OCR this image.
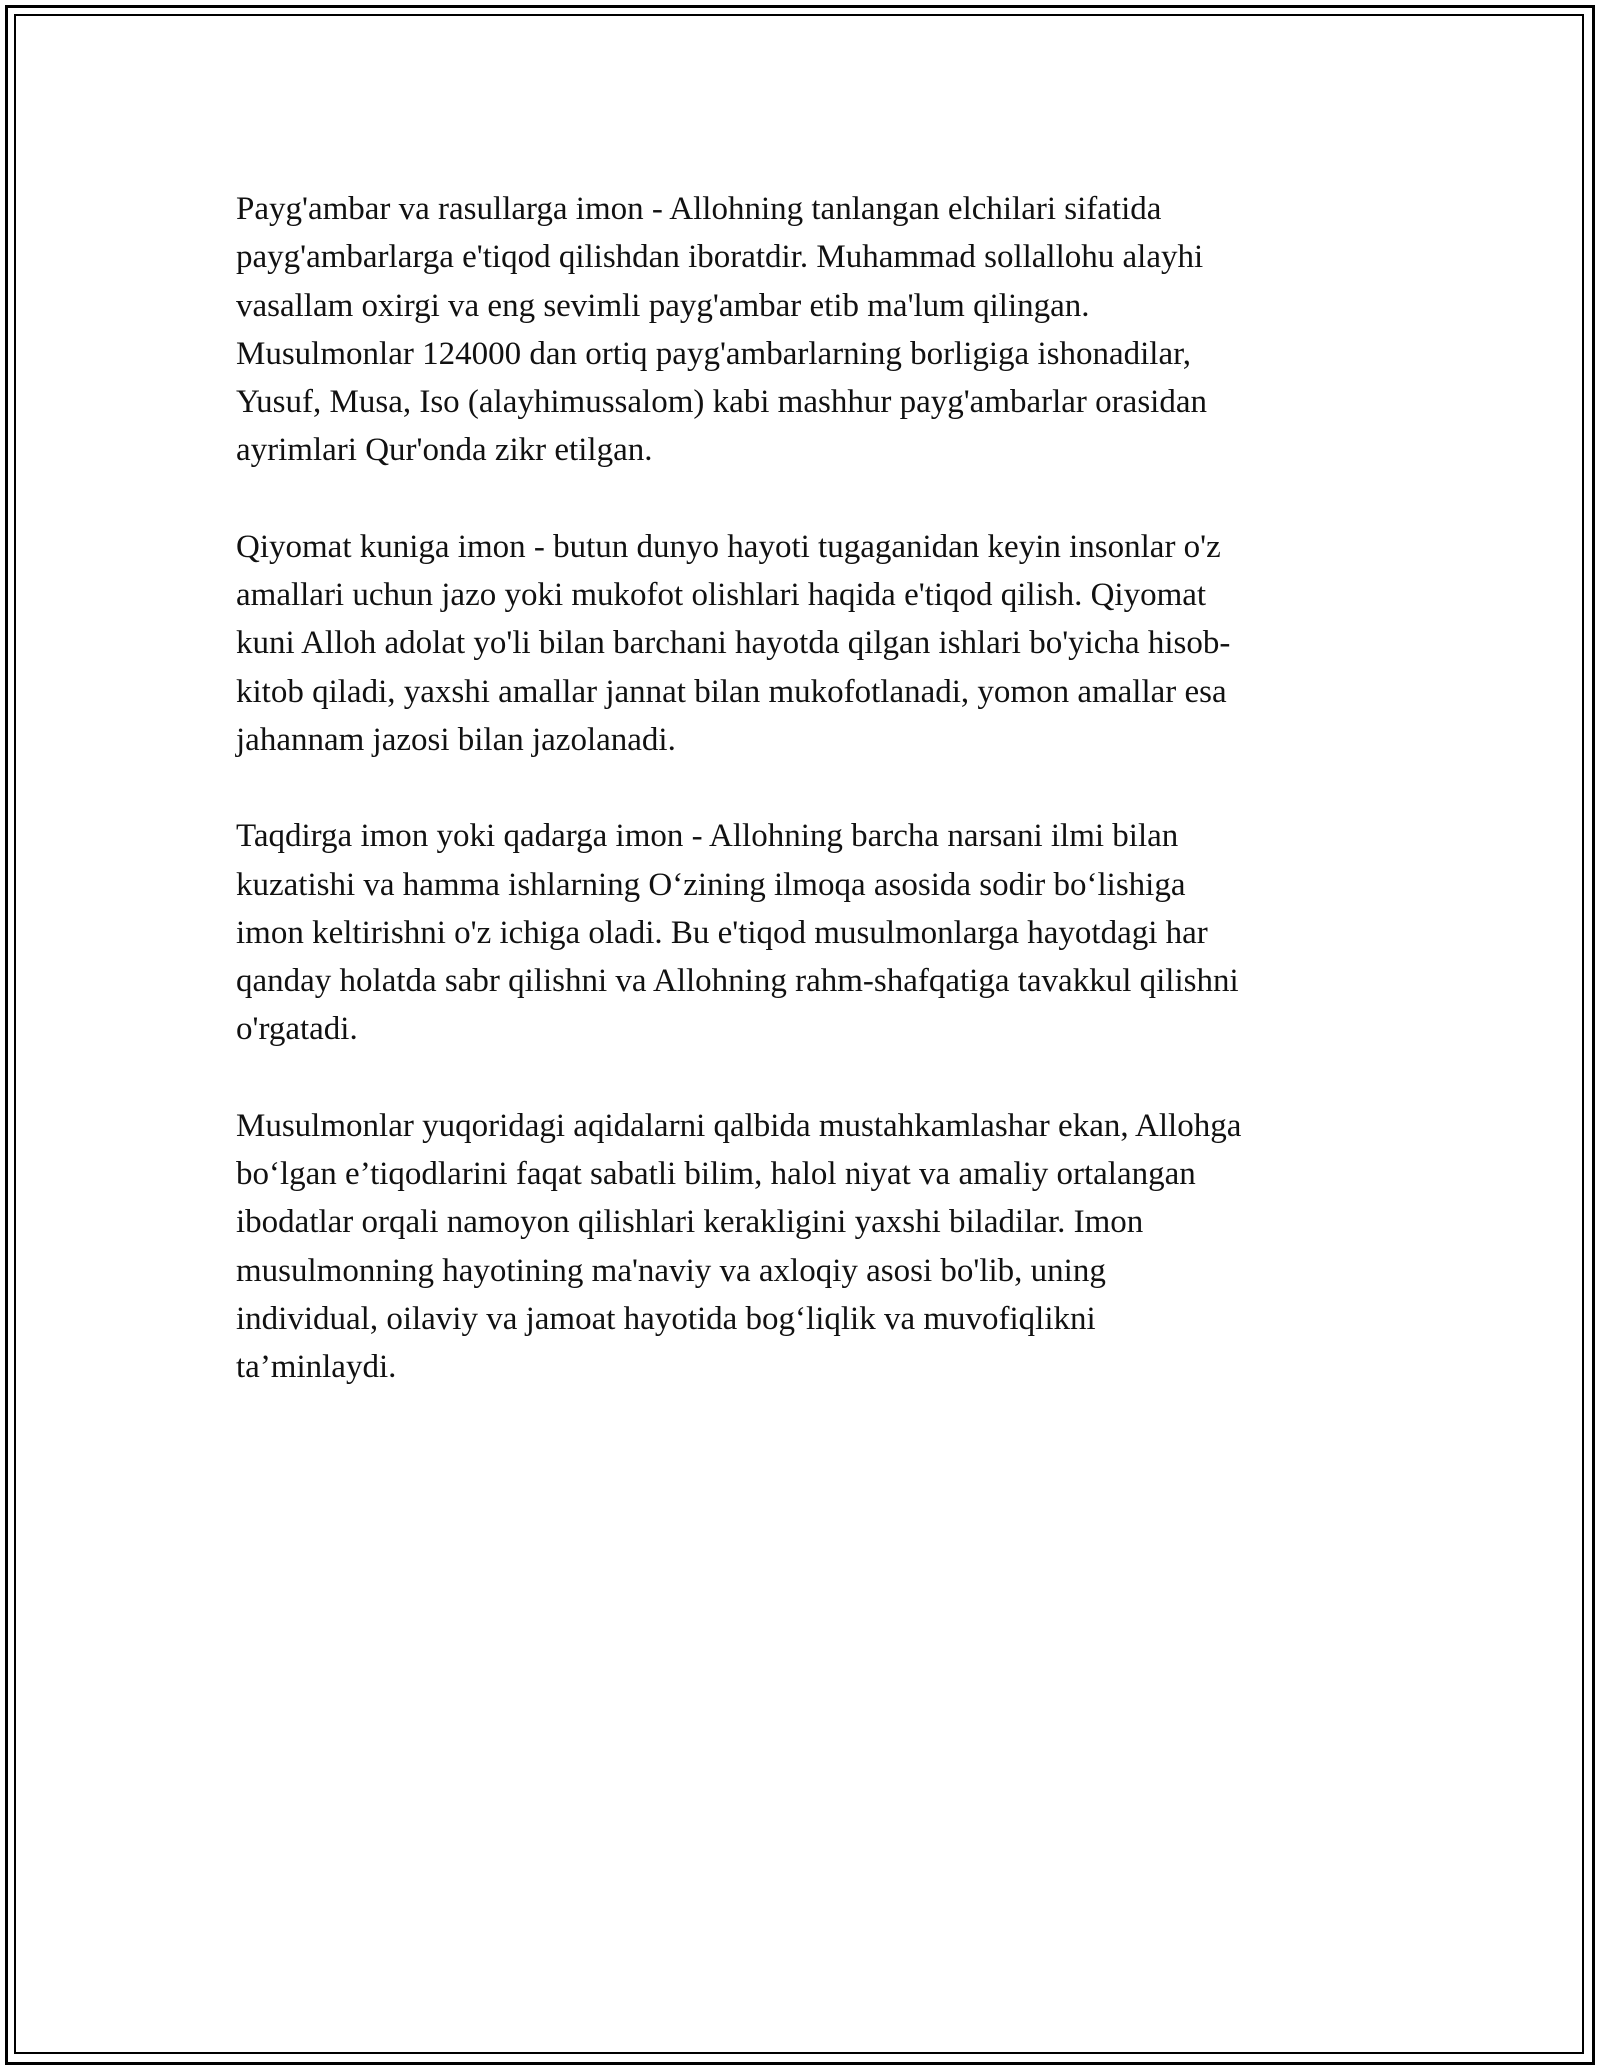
Payg'ambar va rasullarga imon - Allohning tanlangan elchilari sifatida
payg'ambarlarga e'tiqod qilishdan iboratdir. Muhammad sollallohu alayhi
vasallam oxirgi va eng sevimli payg'ambar etib ma'lum qilingan.
Musulmonlar 124000 dan ortiq payg'ambarlarning borligiga ishonadilar,
Yusuf, Musa, Iso (alayhimussalom) kabi mashhur payg'ambarlar orasidan
ayrimlari Qur'onda zikr etilgan.

Qiyomat kuniga imon - butun dunyo hayoti tugaganidan keyin insonlar o'z
amallari uchun jazo yoki mukofot olishlari haqida e'tiqod qilish. Qiyomat
kuni Alloh adolat yo'li bilan barchani hayotda qilgan ishlari bo'yicha hisob-
kitob qiladi, yaxshi amallar jannat bilan mukofotlanadi, yomon amallar esa
jahannam jazosi bilan jazolanadi.

Taqdirga imon yoki qadarga imon - Allohning barcha narsani ilmi bilan
kuzatishi va hamma ishlarning O‘zining ilmoqa asosida sodir bo‘lishiga
imon keltirishni o'z ichiga oladi. Bu e'tiqod musulmonlarga hayotdagi har
qanday holatda sabr qilishni va Allohning rahm-shafqatiga tavakkul qilishni
o'rgatadi.

Musulmonlar yuqoridagi aqidalarni qalbida mustahkamlashar ekan, Allohga
bo‘lgan e’tiqodlarini faqat sabatli bilim, halol niyat va amaliy ortalangan
ibodatlar orqali namoyon qilishlari kerakligini yaxshi biladilar. Imon
musulmonning hayotining ma'naviy va axloqiy asosi bo'lib, uning
individual, oilaviy va jamoat hayotida bog‘liqlik va muvofiqlikni
ta’minlaydi.
